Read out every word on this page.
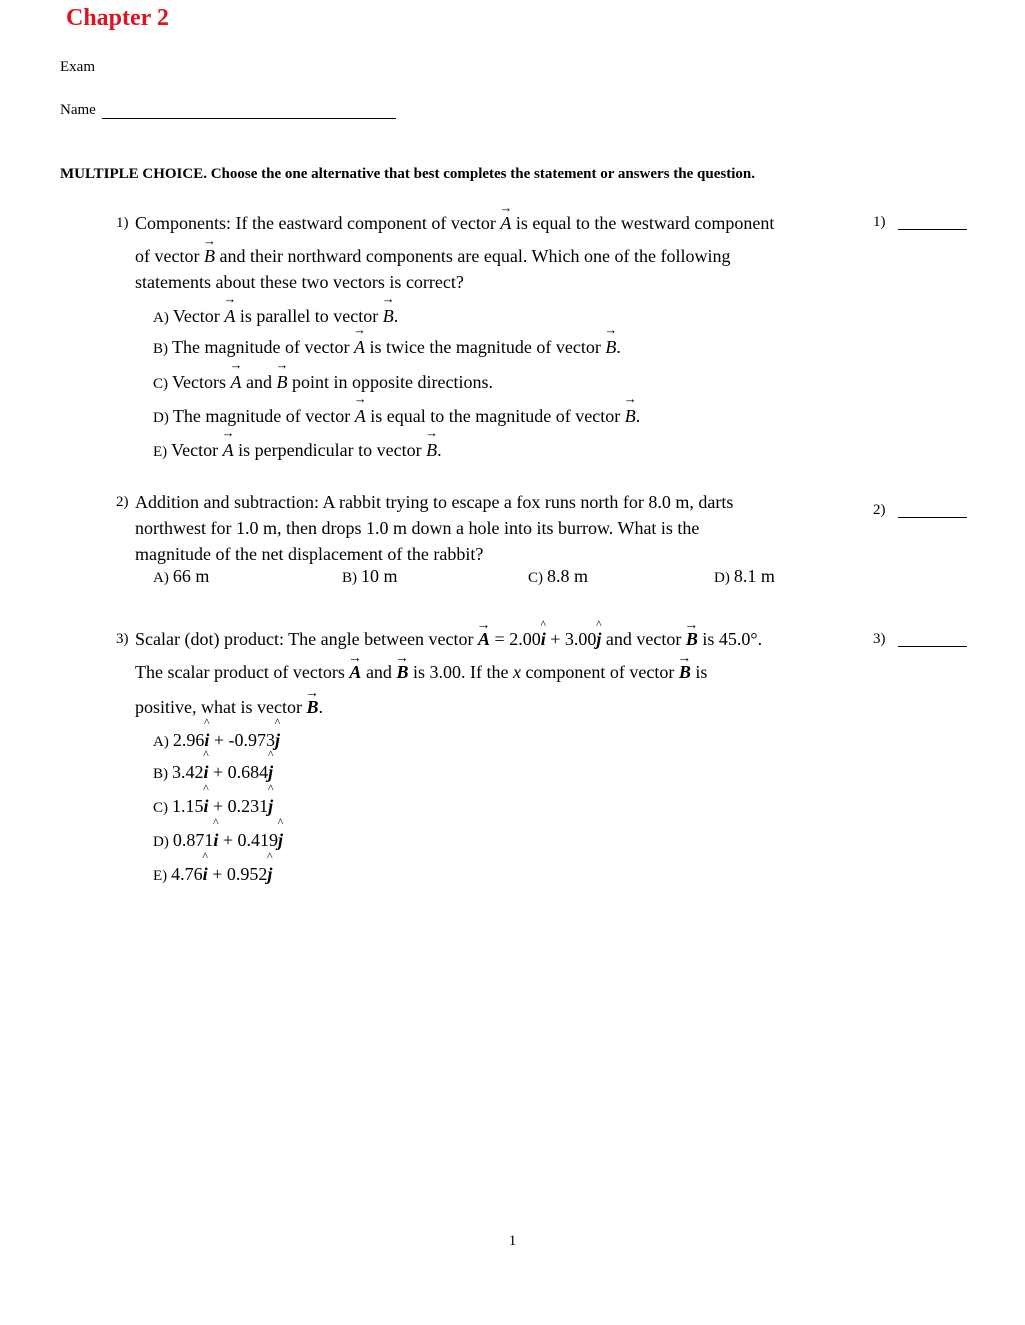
Chapter 2
Exam
Name
MULTIPLE CHOICE. Choose the one alternative that best completes the statement or answers the question.
1) Components: If the eastward component of vector → A is equal to the westward component
of vector → B and their northward components are equal. Which one of the following
statements about these two vectors is correct?
1)
A) Vector → A is parallel to vector → B.
B) The magnitude of vector → A is twice the magnitude of vector → B.
C) Vectors → A and → B point in opposite directions.
D) The magnitude of vector → A is equal to the magnitude of vector → B.
E) Vector → A is perpendicular to vector → B.
2) Addition and subtraction: A rabbit trying to escape a fox runs north for 8.0 m, darts
northwest for 1.0 m, then drops 1.0 m down a hole into its burrow. What is the
magnitude of the net displacement of the rabbit?
2)
A) 66 m	B) 10 m	C) 8.8 m	D) 8.1 m
3) Scalar (dot) product: The angle between vector → A = 2.00^ i + 3.00^ j and vector → B is 45.0°.
The scalar product of vectors → A and → B is 3.00. If the x component of vector → B is
positive, what is vector → B.
3)
A) 2.96^ i + -0.973^ j
B) 3.42^ i + 0.684^ j
C) 1.15^ i + 0.231^ j
D) 0.871^ i + 0.419^ j
E) 4.76^ i + 0.952^ j
1
